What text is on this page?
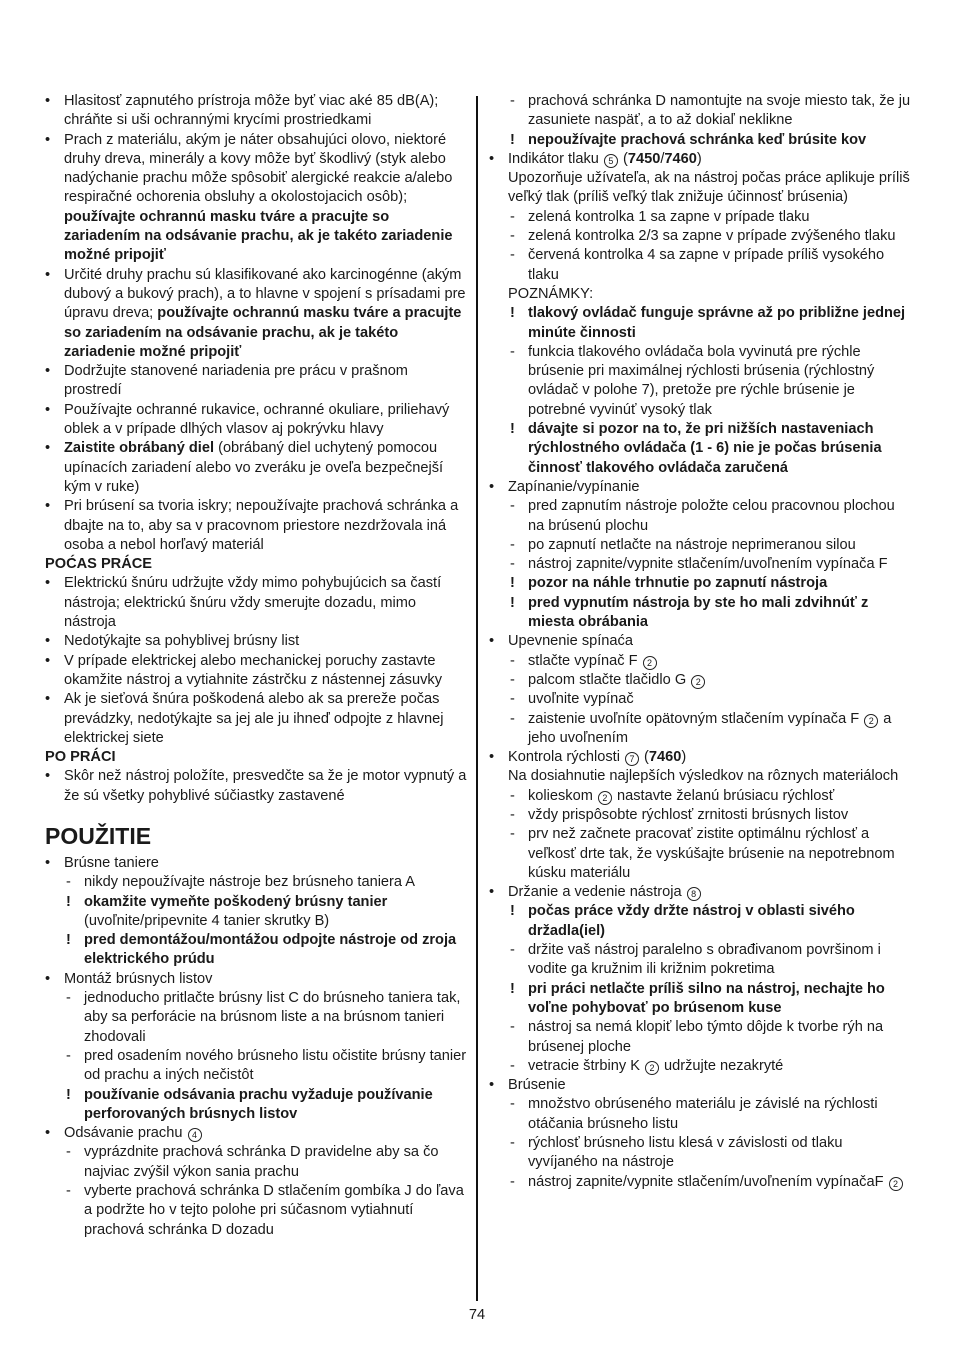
• Hlasitosť zapnutého prístroja môže byť viac aké 85 dB(A); chráňte si uši ochrannými krycími prostriedkami
• Prach z materiálu, akým je náter obsahujúci olovo, niektoré druhy dreva, minerály a kovy môže byť škodlivý (styk alebo nadýchanie prachu môže spôsobiť alergické reakcie a/alebo respiračné ochorenia obsluhy a okolostojacich osôb); používajte ochrannú masku tváre a pracujte so zariadením na odsávanie prachu, ak je takéto zariadenie možné pripojiť
• Určité druhy prachu sú klasifikované ako karcinogénne (akým dubový a bukový prach), a to hlavne v spojení s prísadami pre úpravu dreva; používajte ochrannú masku tváre a pracujte so zariadením na odsávanie prachu, ak je takéto zariadenie možné pripojiť
• Dodržujte stanovené nariadenia pre prácu v prašnom prostredí
• Používajte ochranné rukavice, ochranné okuliare, priliehavý oblek a v prípade dlhých vlasov aj pokrývku hlavy
• Zaistite obrábaný diel (obrábaný diel uchytený pomocou upínacích zariadení alebo vo zveráku je oveľa bezpečnejší kým v ruke)
• Pri brúsení sa tvoria iskry; nepoužívajte prachová schránka a dbajte na to, aby sa v pracovnom priestore nezdržovala iná osoba a nebol horľavý materiál
POĆAS PRÁCE
• Elektrickú šnúru udržujte vždy mimo pohybujúcich sa častí nástroja; elektrickú šnúru vždy smerujte dozadu, mimo nástroja
• Nedotýkajte sa pohyblivej brúsny list
• V prípade elektrickej alebo mechanickej poruchy zastavte okamžite nástroj a vytiahnite zástrčku z nástennej zásuvky
• Ak je sieťová šnúra poškodená alebo ak sa prereže počas prevádzky, nedotýkajte sa jej ale ju ihneď odpojte z hlavnej elektrickej siete
PO PRÁCI
• Skôr než nástroj položíte, presvedčte sa že je motor vypnutý a že sú všetky pohyblivé súčiastky zastavené
POUŽITIE
• Brúsne taniere
- nikdy nepoužívajte nástroje bez brúsneho taniera A
! okamžite vymeňte poškodený brúsny tanier (uvoľnite/pripevnite 4 tanier skrutky B)
! pred demontážou/montážou odpojte nástroje od zroja elektrického prúdu
• Montáž brúsnych listov
- jednoducho pritlačte brúsny list C do brúsneho taniera tak, aby sa perforácie na brúsnom liste a na brúsnom tanieri zhodovali
- pred osadením nového brúsneho listu očistite brúsny tanier od prachu a iných nečistôt
! používanie odsávania prachu vyžaduje používanie perforovaných brúsnych listov
• Odsávanie prachu 4
- vyprázdnite prachová schránka D pravidelne aby sa čo najviac zvýšil výkon sania prachu
- vyberte prachová schránka D stlačením gombíka J do ľava a podržte ho v tejto polohe pri súčasnom vytiahnutí prachová schránka D dozadu
- prachová schránka D namontujte na svoje miesto tak, že ju zasuniete naspäť, a to až dokiaľ neklikne
! nepoužívajte prachová schránka keď brúsite kov
• Indikátor tlaku 5 (7450/7460)
Upozorňuje užívateľa, ak na nástroj počas práce aplikuje príliš veľký tlak (príliš veľký tlak znižuje účinnosť brúsenia)
- zelená kontrolka 1 sa zapne v prípade tlaku
- zelená kontrolka 2/3 sa zapne v prípade zvýšeného tlaku
- červená kontrolka 4 sa zapne v prípade príliš vysokého tlaku
POZNÁMKY:
! tlakový ovládač funguje správne až po približne jednej minúte činnosti
- funkcia tlakového ovládača bola vyvinutá pre rýchle brúsenie pri maximálnej rýchlosti brúsenia (rýchlostný ovládač v polohe 7), pretože pre rýchle brúsenie je potrebné vyvinúť vysoký tlak
! dávajte si pozor na to, že pri nižších nastaveniach rýchlostného ovládača (1 - 6) nie je počas brúsenia činnosť tlakového ovládača zaručená
• Zapínanie/vypínanie
- pred zapnutím nástroje položte celou pracovnou plochou na brúsenú plochu
- po zapnutí netlačte na nástroje neprimeranou silou
- nástroj zapnite/vypnite stlačením/uvoľnením vypínača F
! pozor na náhle trhnutie po zapnutí nástroja
! pred vypnutím nástroja by ste ho mali zdvihnúť z miesta obrábania
• Upevnenie spínaća
- stlačte vypínač F 2
- palcom stlačte tlačidlo G 2
- uvoľnite vypínač
- zaistenie uvoľníte opätovným stlačením vypínača F 2 a jeho uvoľnením
• Kontrola rýchlosti 7 (7460)
Na dosiahnutie najlepších výsledkov na rôznych materiáloch
- kolieskom 2 nastavte želanú brúsiacu rýchlosť
- vždy prispôsobte rýchlosť zrnitosti brúsnych listov
- prv než začnete pracovať zistite optimálnu rýchlosť a veľkosť drte tak, že vyskúšajte brúsenie na nepotrebnom kúsku materiálu
• Držanie a vedenie nástroja 8
! počas práce vždy držte nástroj v oblasti sivého držadla(iel)
- držite vaš nástroj paralelno s obrađivanom površinom i vodite ga kružnim ili križnim pokretima
! pri práci netlačte príliš silno na nástroj, nechajte ho voľne pohybovať po brúsenom kuse
- nástroj sa nemá klopiť lebo týmto dôjde k tvorbe rýh na brúsenej ploche
- vetracie štrbiny K 2 udržujte nezakryté
• Brúsenie
- množstvo obrúseného materiálu je závislé na rýchlosti otáčania brúsneho listu
- rýchlosť brúsneho listu klesá v závislosti od tlaku vyvíjaného na nástroje
- nástroj zapnite/vypnite stlačením/uvoľnením vypínačaF 2
74
